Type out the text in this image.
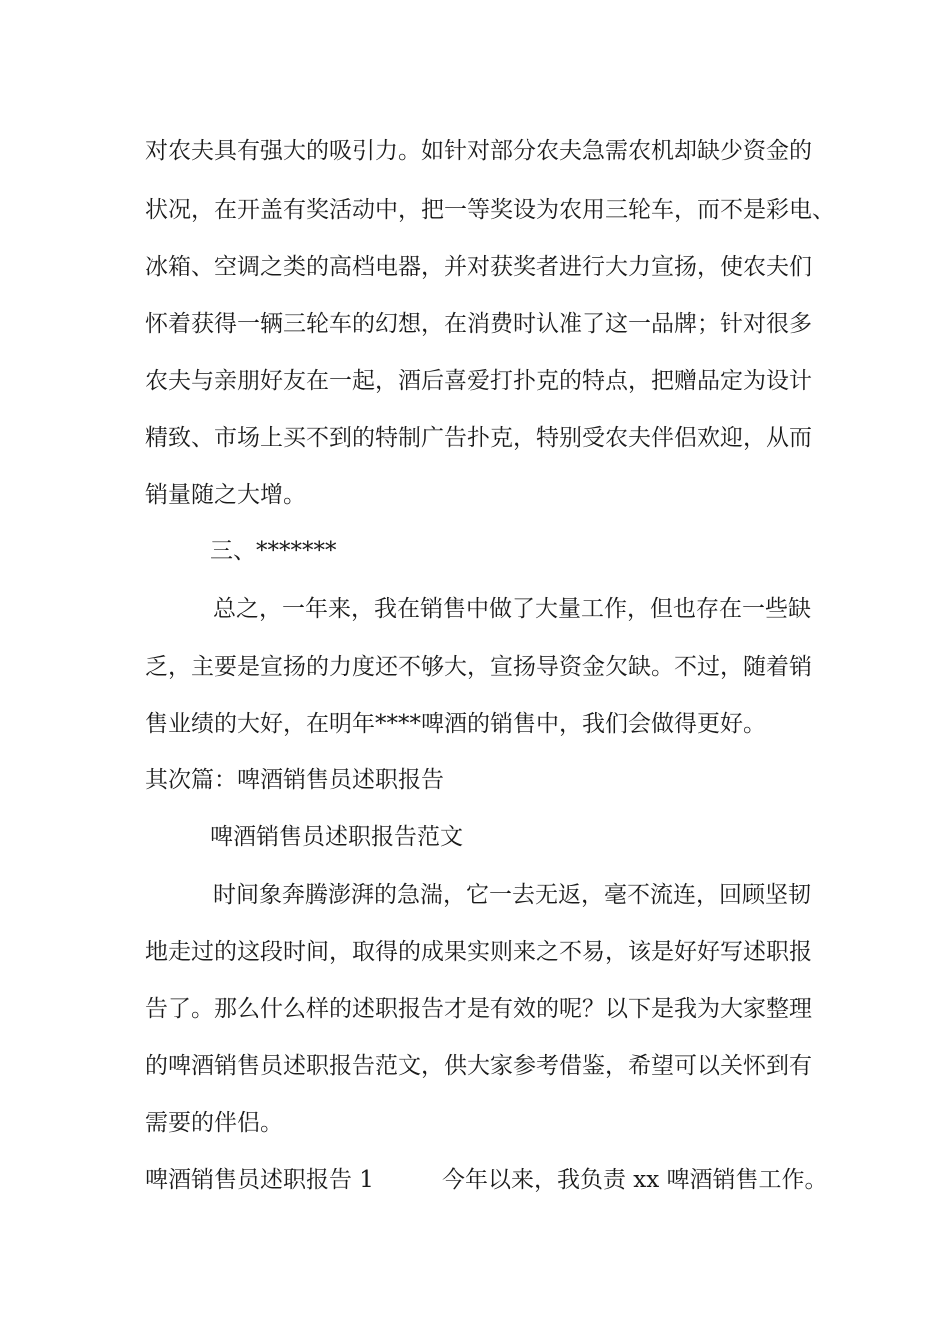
对农夫具有强大的吸引力。如针对部分农夫急需农机却缺少资金的
状况，在开盖有奖活动中，把一等奖设为农用三轮车，而不是彩电、
冰箱、空调之类的高档电器，并对获奖者进行大力宣扬，使农夫们
怀着获得一辆三轮车的幻想，在消费时认准了这一品牌；针对很多
农夫与亲朋好友在一起，酒后喜爱打扑克的特点，把赠品定为设计
精致、市场上买不到的特制广告扑克，特别受农夫伴侣欢迎，从而
销量随之大增。
三、*******
总之，一年来，我在销售中做了大量工作，但也存在一些缺
乏，主要是宣扬的力度还不够大，宣扬导资金欠缺。不过，随着销
售业绩的大好，在明年****啤酒的销售中，我们会做得更好。
其次篇：啤酒销售员述职报告
啤酒销售员述职报告范文
时间象奔腾澎湃的急湍，它一去无返，毫不流连，回顾坚韧
地走过的这段时间，取得的成果实则来之不易，该是好好写述职报
告了。那么什么样的述职报告才是有效的呢？以下是我为大家整理
的啤酒销售员述职报告范文，供大家参考借鉴，希望可以关怀到有
需要的伴侣。
啤酒销售员述职报告 1	今年以来，我负责 xx 啤酒销售工作。
